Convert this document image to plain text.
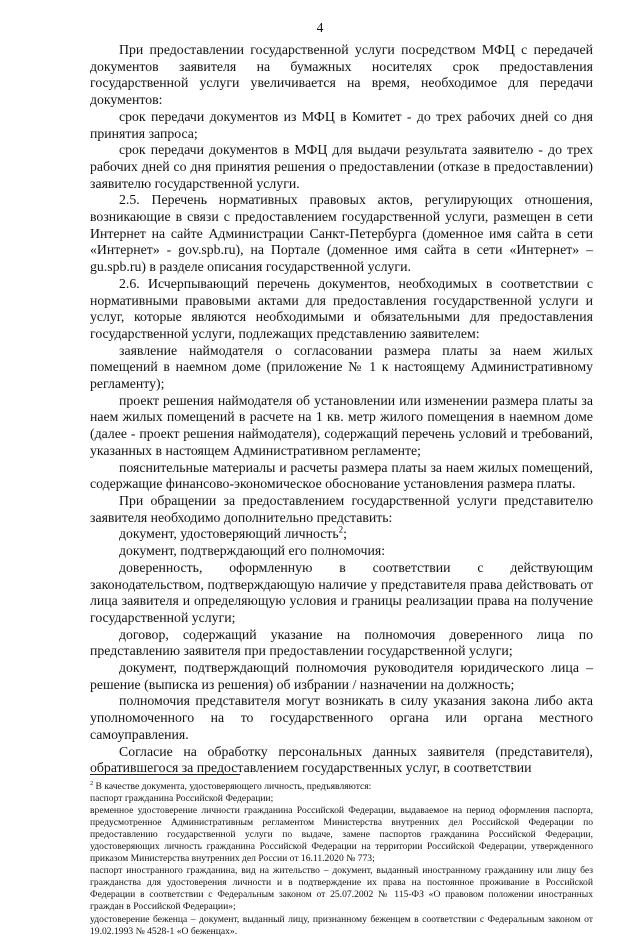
4

При предоставлении государственной услуги посредством МФЦ с передачей документов заявителя на бумажных носителях срок предоставления государственной услуги увеличивается на время, необходимое для передачи документов:

срок передачи документов из МФЦ в Комитет - до трех рабочих дней со дня принятия запроса;

срок передачи документов в МФЦ для выдачи результата заявителю - до трех рабочих дней со дня принятия решения о предоставлении (отказе в предоставлении) заявителю государственной услуги.

2.5. Перечень нормативных правовых актов, регулирующих отношения, возникающие в связи с предоставлением государственной услуги, размещен в сети Интернет на сайте Администрации Санкт-Петербурга (доменное имя сайта в сети «Интернет» - gov.spb.ru), на Портале (доменное имя сайта в сети «Интернет» – gu.spb.ru) в разделе описания государственной услуги.

2.6. Исчерпывающий перечень документов, необходимых в соответствии с нормативными правовыми актами для предоставления государственной услуги и услуг, которые являются необходимыми и обязательными для предоставления государственной услуги, подлежащих представлению заявителем:

заявление наймодателя о согласовании размера платы за наем жилых помещений в наемном доме (приложение № 1 к настоящему Административному регламенту);

проект решения наймодателя об установлении или изменении размера платы за наем жилых помещений в расчете на 1 кв. метр жилого помещения в наемном доме (далее - проект решения наймодателя), содержащий перечень условий и требований, указанных в настоящем Административном регламенте;

пояснительные материалы и расчеты размера платы за наем жилых помещений, содержащие финансово-экономическое обоснование установления размера платы.

При обращении за предоставлением государственной услуги представителю заявителя необходимо дополнительно представить:

документ, удостоверяющий личность$^2$;

документ, подтверждающий его полномочия:

доверенность, оформленную в соответствии с действующим законодательством, подтверждающую наличие у представителя права действовать от лица заявителя и определяющую условия и границы реализации права на получение государственной услуги;

договор, содержащий указание на полномочия доверенного лица по представлению заявителя при предоставлении государственной услуги;

документ, подтверждающий полномочия руководителя юридического лица – решение (выписка из решения) об избрании / назначении на должность;

полномочия представителя могут возникать в силу указания закона либо акта уполномоченного на то государственного органа или органа местного самоуправления.

Согласие на обработку персональных данных заявителя (представителя), обратившегося за предоставлением государственных услуг, в соответствии

$^2$ В качестве документа, удостоверяющего личность, предъявляются:

паспорт гражданина Российской Федерации;

временное удостоверение личности гражданина Российской Федерации, выдаваемое на период оформления паспорта, предусмотренное Административным регламентом Министерства внутренних дел Российской Федерации по предоставлению государственной услуги по выдаче, замене паспортов гражданина Российской Федерации, удостоверяющих личность гражданина Российской Федерации на территории Российской Федерации, утвержденного приказом Министерства внутренних дел России от 16.11.2020 № 773;

паспорт иностранного гражданина, вид на жительство – документ, выданный иностранному гражданину или лицу без гражданства для удостоверения личности и в подтверждение их права на постоянное проживание в Российской Федерации в соответствии с Федеральным законом от 25.07.2002 № 115-ФЗ «О правовом положении иностранных граждан в Российской Федерации»;

удостоверение беженца – документ, выданный лицу, признанному беженцем в соответствии с Федеральным законом от 19.02.1993 № 4528-1 «О беженцах».
